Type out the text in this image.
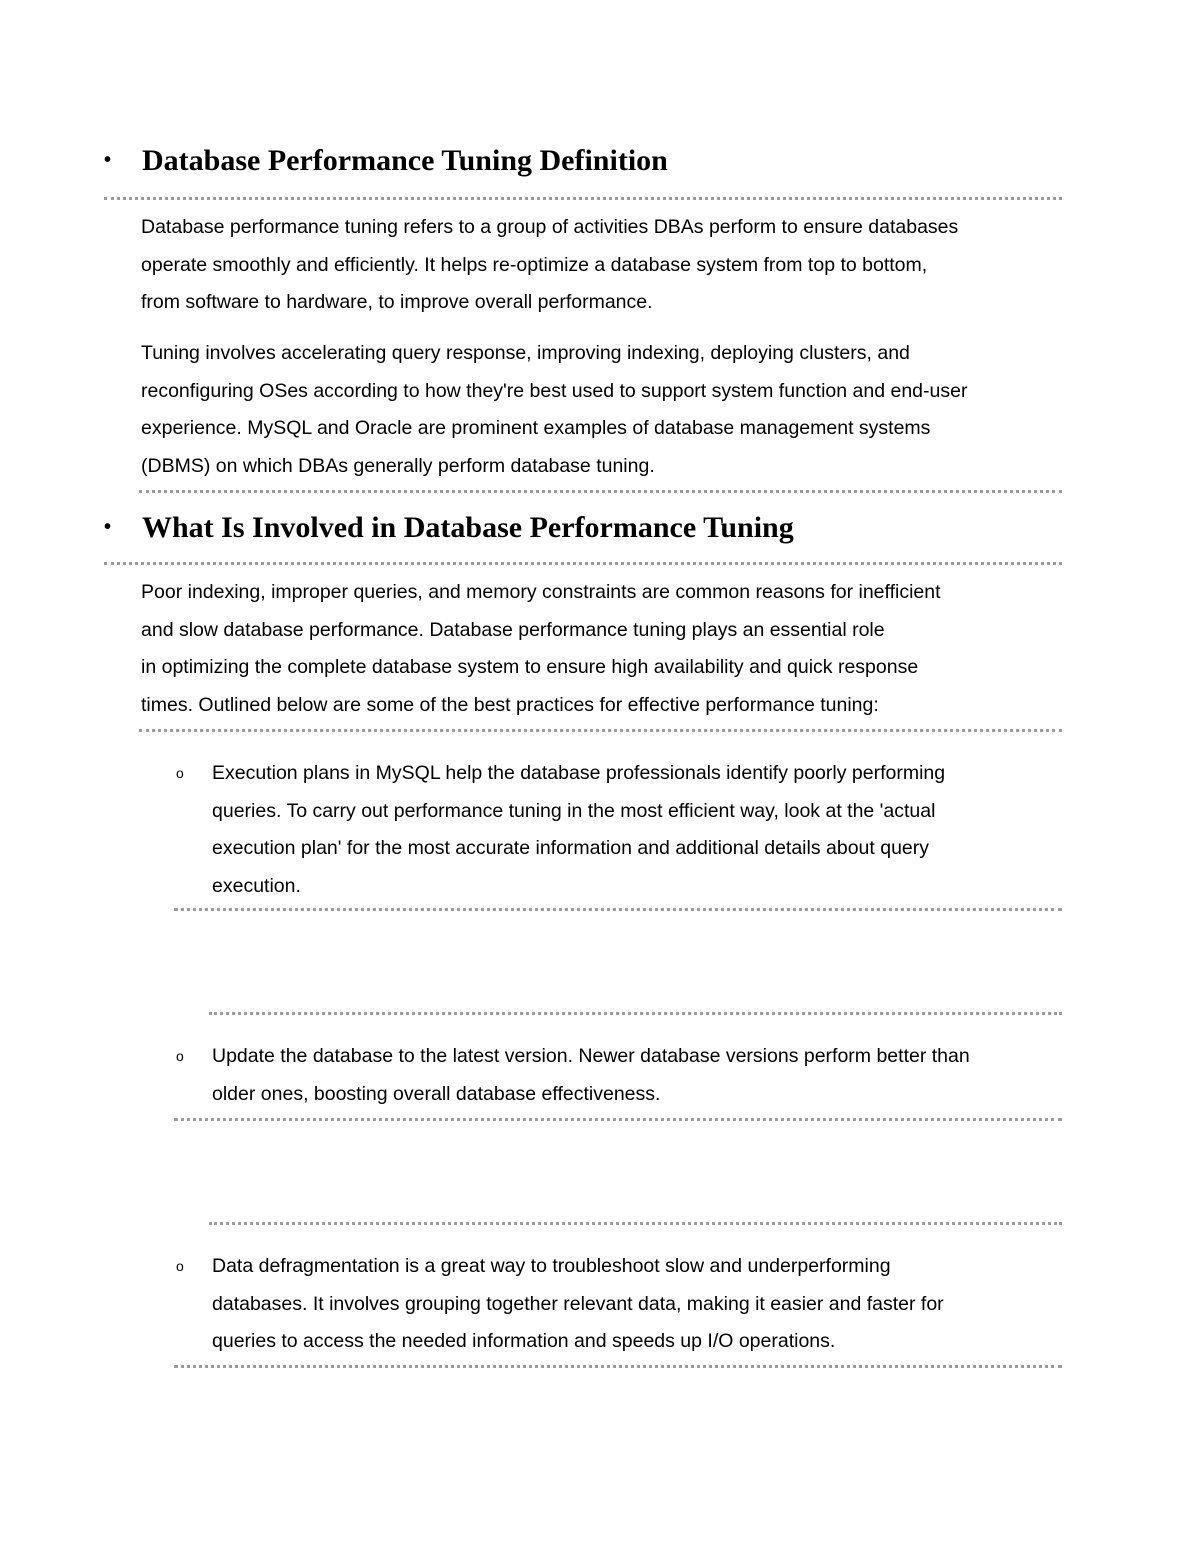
• Database Performance Tuning Definition
Database performance tuning refers to a group of activities DBAs perform to ensure databases
operate smoothly and efficiently. It helps re-optimize a database system from top to bottom,
from software to hardware, to improve overall performance.
Tuning involves accelerating query response, improving indexing, deploying clusters, and
reconfiguring OSes according to how they're best used to support system function and end-user
experience. MySQL and Oracle are prominent examples of database management systems
(DBMS) on which DBAs generally perform database tuning.
• What Is Involved in Database Performance Tuning
Poor indexing, improper queries, and memory constraints are common reasons for inefficient
and slow database performance. Database performance tuning plays an essential role
in optimizing the complete database system to ensure high availability and quick response
times. Outlined below are some of the best practices for effective performance tuning:
o Execution plans in MySQL help the database professionals identify poorly performing
queries. To carry out performance tuning in the most efficient way, look at the 'actual
execution plan' for the most accurate information and additional details about query
execution.
o Update the database to the latest version. Newer database versions perform better than
older ones, boosting overall database effectiveness.
o Data defragmentation is a great way to troubleshoot slow and underperforming
databases. It involves grouping together relevant data, making it easier and faster for
queries to access the needed information and speeds up I/O operations.
